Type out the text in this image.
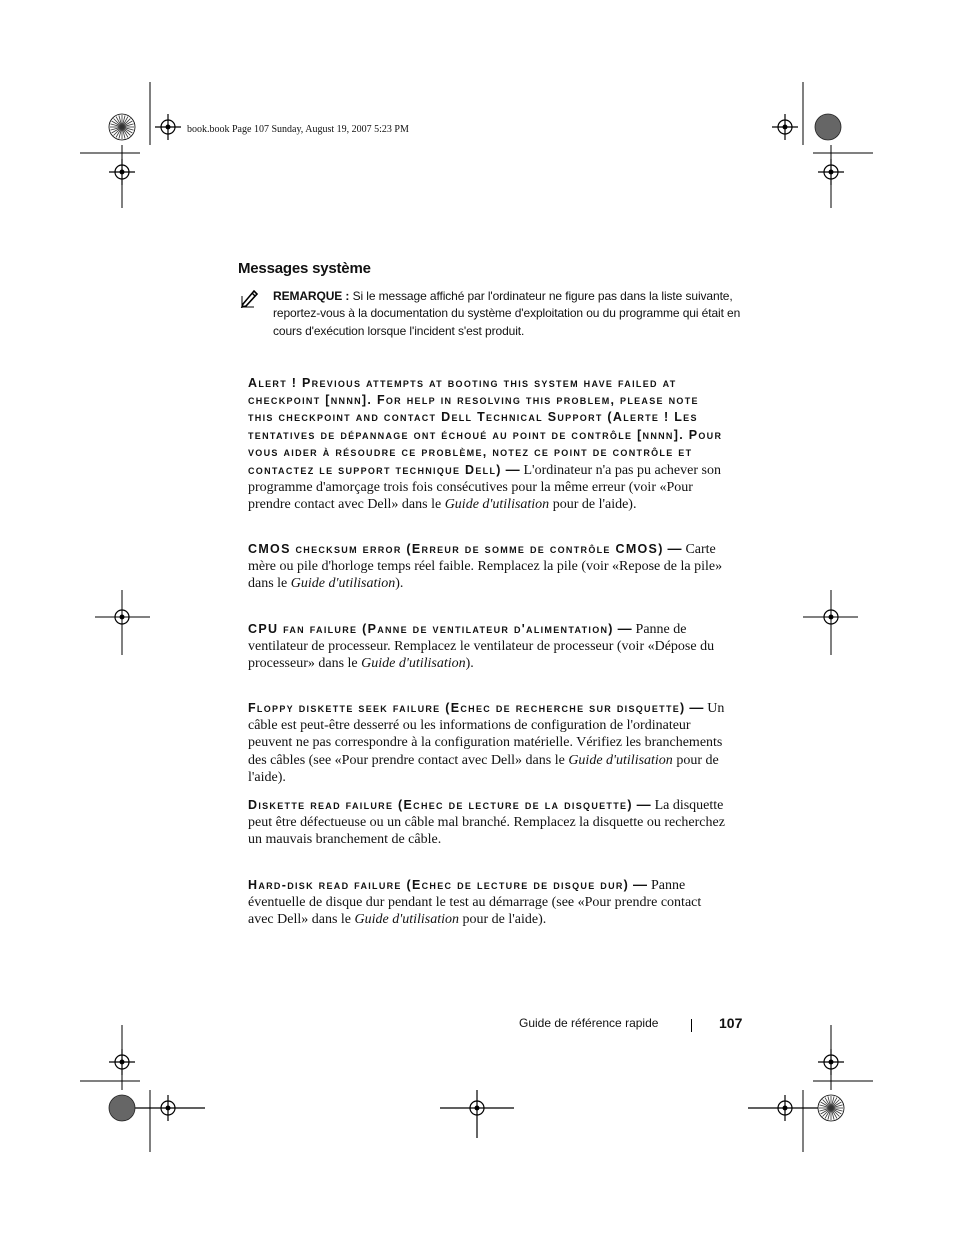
book.book Page 107 Sunday, August 19, 2007 5:23 PM
Messages système
REMARQUE : Si le message affiché par l'ordinateur ne figure pas dans la liste suivante, reportez-vous à la documentation du système d'exploitation ou du programme qui était en cours d'exécution lorsque l'incident s'est produit.
Alert ! Previous attempts at booting this system have failed at checkpoint [nnnn]. For help in resolving this problem, please note this checkpoint and contact Dell Technical Support (Alerte ! Les tentatives de dépannage ont échoué au point de contrôle [nnnn]. Pour vous aider à résoudre ce problème, notez ce point de contrôle et contactez le support technique Dell) — L'ordinateur n'a pas pu achever son programme d'amorçage trois fois consécutives pour la même erreur (voir «Pour prendre contact avec Dell» dans le Guide d'utilisation pour de l'aide).
CMOS checksum error (Erreur de somme de contrôle CMOS) — Carte mère ou pile d'horloge temps réel faible. Remplacez la pile (voir «Repose de la pile» dans le Guide d'utilisation).
CPU fan failure (Panne de ventilateur d'alimentation) — Panne de ventilateur de processeur. Remplacez le ventilateur de processeur (voir «Dépose du processeur» dans le Guide d'utilisation).
Floppy diskette seek failure (Echec de recherche sur disquette) — Un câble est peut-être desserré ou les informations de configuration de l'ordinateur peuvent ne pas correspondre à la configuration matérielle. Vérifiez les branchements des câbles (see «Pour prendre contact avec Dell» dans le Guide d'utilisation pour de l'aide).
Diskette read failure (Echec de lecture de la disquette) — La disquette peut être défectueuse ou un câble mal branché. Remplacez la disquette ou recherchez un mauvais branchement de câble.
Hard-disk read failure (Echec de lecture de disque dur) — Panne éventuelle de disque dur pendant le test au démarrage (see «Pour prendre contact avec Dell» dans le Guide d'utilisation pour de l'aide).
Guide de référence rapide	107
